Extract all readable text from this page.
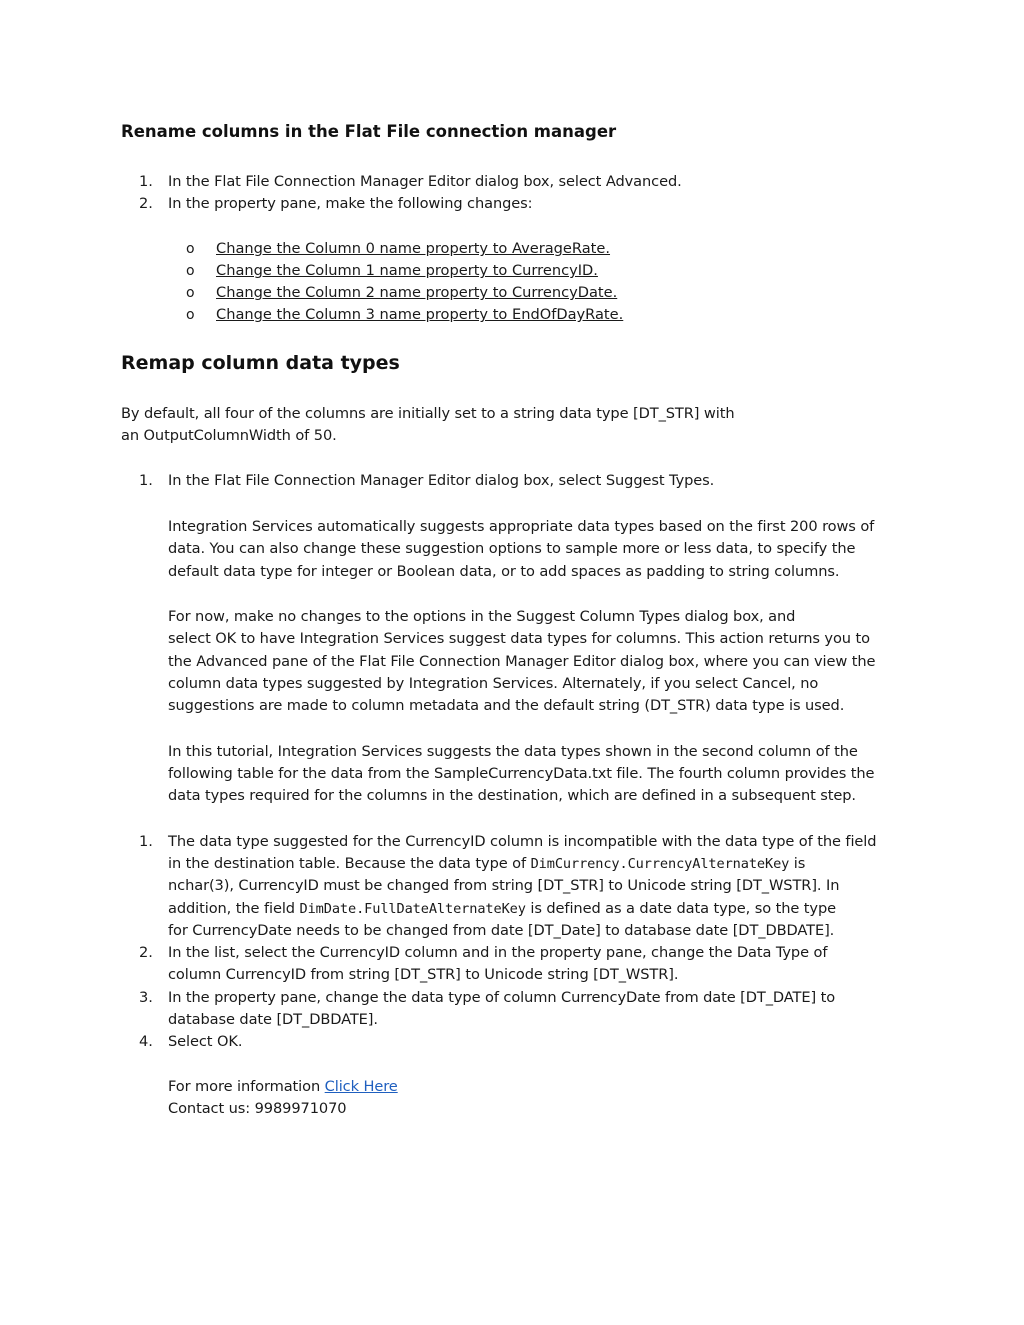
Rename columns in the Flat File connection manager
1. In the Flat File Connection Manager Editor dialog box, select Advanced.

2. In the property pane, make the following changes:

o Change the Column 0 name property to AverageRate.
o Change the Column 1 name property to CurrencyID.
o Change the Column 2 name property to CurrencyDate.
o Change the Column 3 name property to EndOfDayRate.
Remap column data types

By default, all four of the columns are initially set to a string data type [DT_STR] with

an OutputColumnWidth of 50.

1. In the Flat File Connection Manager Editor dialog box, select Suggest Types.

Integration Services automatically suggests appropriate data types based on the first 200 rows of

data. You can also change these suggestion options to sample more or less data, to specify the

default data type for integer or Boolean data, or to add spaces as padding to string columns.

For now, make no changes to the options in the Suggest Column Types dialog box, and

select OK to have Integration Services suggest data types for columns. This action returns you to

the Advanced pane of the Flat File Connection Manager Editor dialog box, where you can view the

column data types suggested by Integration Services. Alternately, if you select Cancel, no

suggestions are made to column metadata and the default string (DT_STR) data type is used.

In this tutorial, Integration Services suggests the data types shown in the second column of the

following table for the data from the SampleCurrencyData.txt file. The fourth column provides the

data types required for the columns in the destination, which are defined in a subsequent step.

1. The data type suggested for the CurrencyID column is incompatible with the data type of the field

in the destination table. Because the data type of DimCurrency.CurrencyAlternateKey is

nchar(3), CurrencyID must be changed from string [DT_STR] to Unicode string [DT_WSTR]. In

addition, the field DimDate.FullDateAlternateKey is defined as a date data type, so the type

for CurrencyDate needs to be changed from date [DT_Date] to database date [DT_DBDATE].

2. In the list, select the CurrencyID column and in the property pane, change the Data Type of

column CurrencyID from string [DT_STR] to Unicode string [DT_WSTR].

3. In the property pane, change the data type of column CurrencyDate from date [DT_DATE] to

database date [DT_DBDATE].

4. Select OK.

For more information Click Here

Contact us: 9989971070
